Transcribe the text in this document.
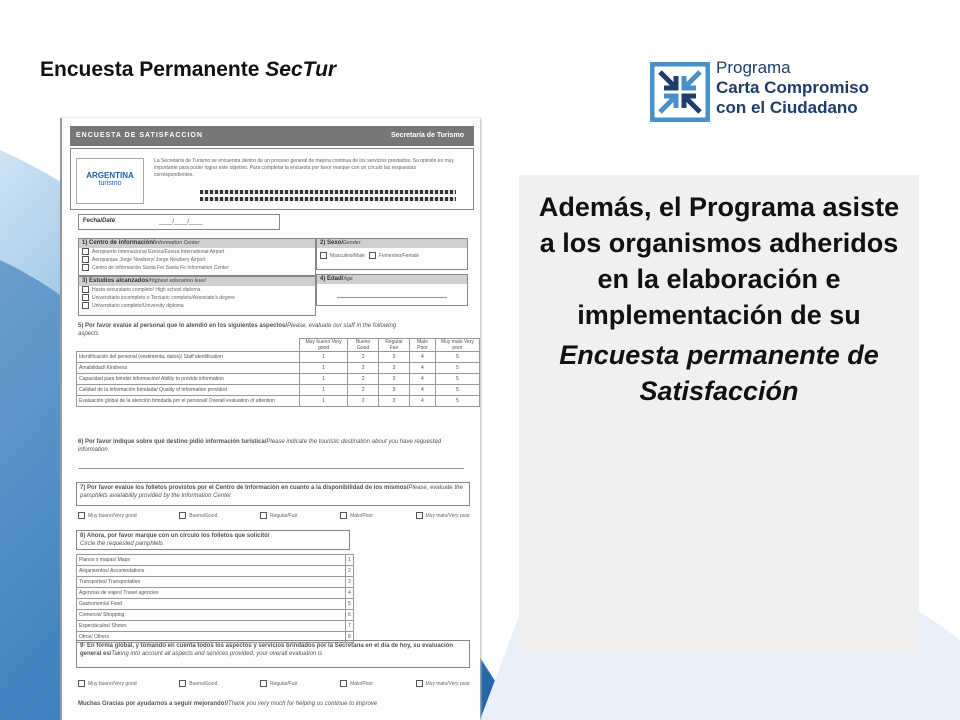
Encuesta Permanente SecTur	Programa
Carta Compromiso
con el Ciudadano
ENCUESTA DE SATISFACCION	Secretaría de Turismo
ARGENTINA
turismo
La Secretaría de Turismo se encuentra dentro de un proceso general de mejora continua de los servicios prestados. Su opinión es muy importante para poder lograr este objetivo. Para completar la encuesta por favor marque con un círculo las respuestas correspondientes.
Fecha/Date	____/____/____
1) Centro de información/Information Center
Aeropuerto Internacional Ezeiza/Ezeiza International Airport
Aeroparque Jorge Newbery/ Jorge Newbery Airport
Centro de información Santa Fe/ Santa Fe Information Center
2) Sexo/Gender
Masculino/Male	Femenino/Female
3) Estudios alcanzados/Highest education level
Hasta secundario completo/ High school diploma
Universitario incompleto o Terciario completo/Associate's degree
Universitario completo/University diploma
4) Edad/Age
5) Por favor evalúe al personal que lo atendió en los siguientes aspectos/Please, evaluate our staff in the following aspects
	Muy bueno Very good	Bueno Good	Regular Fair	Malo Poor	Muy malo Very poor
Identificación del personal (vestimenta, datos)/ Staff identification	1	2	3	4	5
Amabilidad/ Kindness	1	2	3	4	5
Capacidad para brindar información/ Ability to provide information	1	2	3	4	5
Calidad de la información brindada/ Quality of information provided	1	2	3	4	5
Evaluación global de la atención brindada por el personal/ Overall evaluation of attention	1	2	3	4	5
6) Por favor indique sobre qué destino pidió información turística/Please indicate the touristic destination about you have requested information
7) Por favor evalúe los folletos provistos por el Centro de Información en cuanto a la disponibilidad de los mismos/Please, evaluate the pamphlets availability provided by the Information Center
Muy bueno/Very good	Bueno/Good	Regular/Fair	Malo/Poor	Muy malo/Very poor
8) Ahora, por favor marque con un círculo los folletos que solicitó/
Circle the requested pamphlets
Planos o mapas/ Maps	1
Alojamientos/ Accomodations	2
Transportes/ Transportation	3
Agencias de viajes/ Travel agencies	4
Gastronomía/ Food	5
Comercio/ Shopping	6
Espectáculos/ Shows	7
Otros/ Others	8
9- En forma global, y tomando en cuenta todos los aspectos y servicios brindados por la Secretaría en el día de hoy, su evaluación general es/Taking into account all aspects and services provided, your overall evaluation is
Muy bueno/Very good	Bueno/Good	Regular/Fair	Malo/Poor	Muy malo/Very poor
Muchas Gracias por ayudarnos a seguir mejorando!/Thank you very much for helping us continue to improve
Además, el Programa asiste a los organismos adheridos en la elaboración e implementación de su
Encuesta permanente de Satisfacción
